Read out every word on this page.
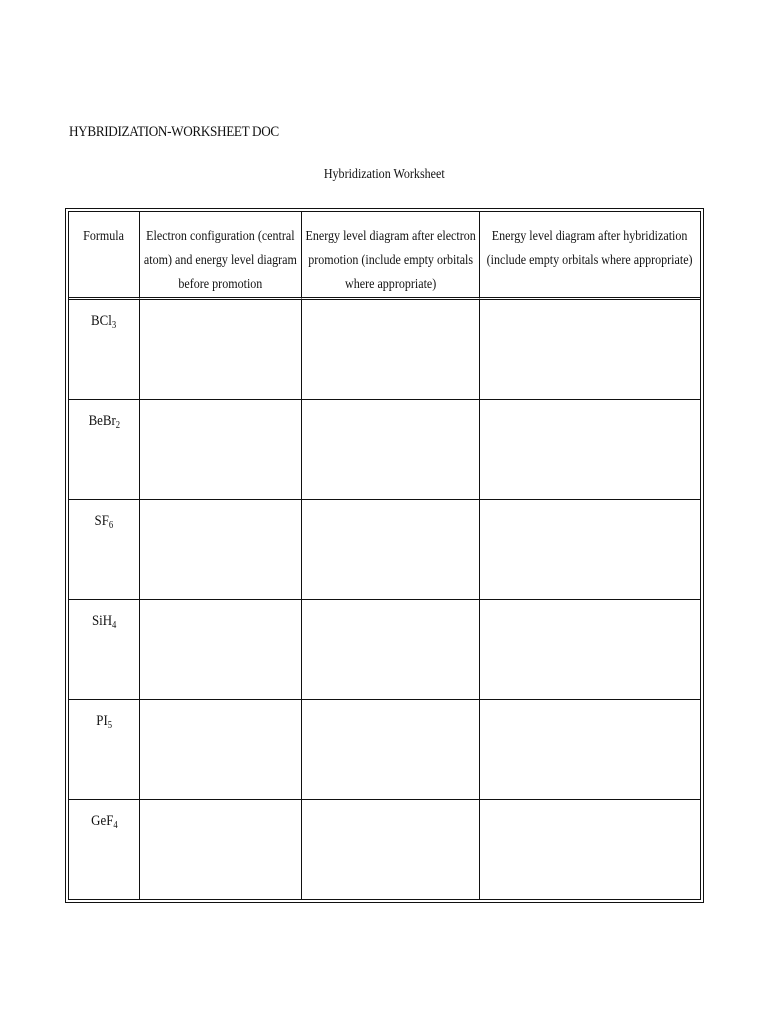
HYBRIDIZATION-WORKSHEET DOC
Hybridization Worksheet
Formula	Electron configuration (central atom) and energy level diagram before promotion	Energy level diagram after electron promotion (include empty orbitals where appropriate)	Energy level diagram after hybridization (include empty orbitals where appropriate)
BCl$_3$			
BeBr$_2$			
$SF_6$			
SiH$_4$			
$PI_5$			
GeF$_4$			
